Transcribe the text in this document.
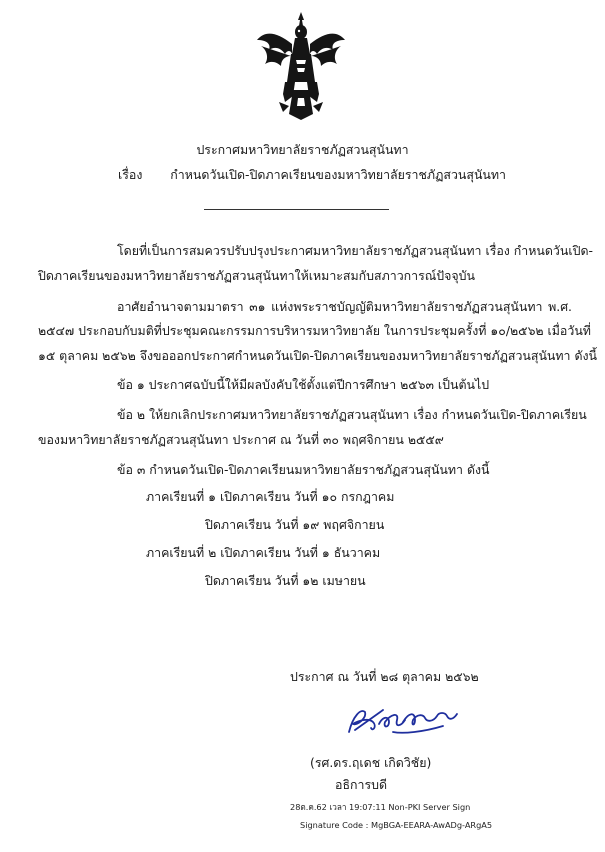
ประกาศมหาวิทยาลัยราชภัฏสวนสุนันทา
เรื่อง กำหนดวันเปิด-ปิดภาคเรียนของมหาวิทยาลัยราชภัฏสวนสุนันทา
โดยที่เป็นการสมควรปรับปรุงประกาศมหาวิทยาลัยราชภัฏสวนสุนันทา เรื่อง กำหนดวันเปิด-
ปิดภาคเรียนของมหาวิทยาลัยราชภัฏสวนสุนันทาให้เหมาะสมกับสภาวการณ์ปัจจุบัน
อาศัยอำนาจตามมาตรา ๓๑ แห่งพระราชบัญญัติมหาวิทยาลัยราชภัฏสวนสุนันทา พ.ศ.
๒๕๔๗ ประกอบกับมติที่ประชุมคณะกรรมการบริหารมหาวิทยาลัย ในการประชุมครั้งที่ ๑๐/๒๕๖๒ เมื่อวันที่
๑๕ ตุลาคม ๒๕๖๒ จึงขอออกประกาศกำหนดวันเปิด-ปิดภาคเรียนของมหาวิทยาลัยราชภัฏสวนสุนันทา ดังนี้
ข้อ ๑ ประกาศฉบับนี้ให้มีผลบังคับใช้ตั้งแต่ปีการศึกษา ๒๕๖๓ เป็นต้นไป
ข้อ ๒ ให้ยกเลิกประกาศมหาวิทยาลัยราชภัฏสวนสุนันทา เรื่อง กำหนดวันเปิด-ปิดภาคเรียน
ของมหาวิทยาลัยราชภัฏสวนสุนันทา ประกาศ ณ วันที่ ๓๐ พฤศจิกายน ๒๕๕๙
ข้อ ๓ กำหนดวันเปิด-ปิดภาคเรียนมหาวิทยาลัยราชภัฏสวนสุนันทา ดังนี้
ภาคเรียนที่ ๑ เปิดภาคเรียน วันที่ ๑๐ กรกฎาคม
ปิดภาคเรียน วันที่ ๑๙ พฤศจิกายน
ภาคเรียนที่ ๒ เปิดภาคเรียน วันที่ ๑ ธันวาคม
ปิดภาคเรียน วันที่ ๑๒ เมษายน
ประกาศ ณ วันที่ ๒๘ ตุลาคม ๒๕๖๒
(รศ.ดร.ฤเดช เกิดวิชัย)
อธิการบดี
28ต.ค.62 เวลา 19:07:11 Non-PKI Server Sign
Signature Code : MgBGA-EEARA-AwADg-ARgA5
